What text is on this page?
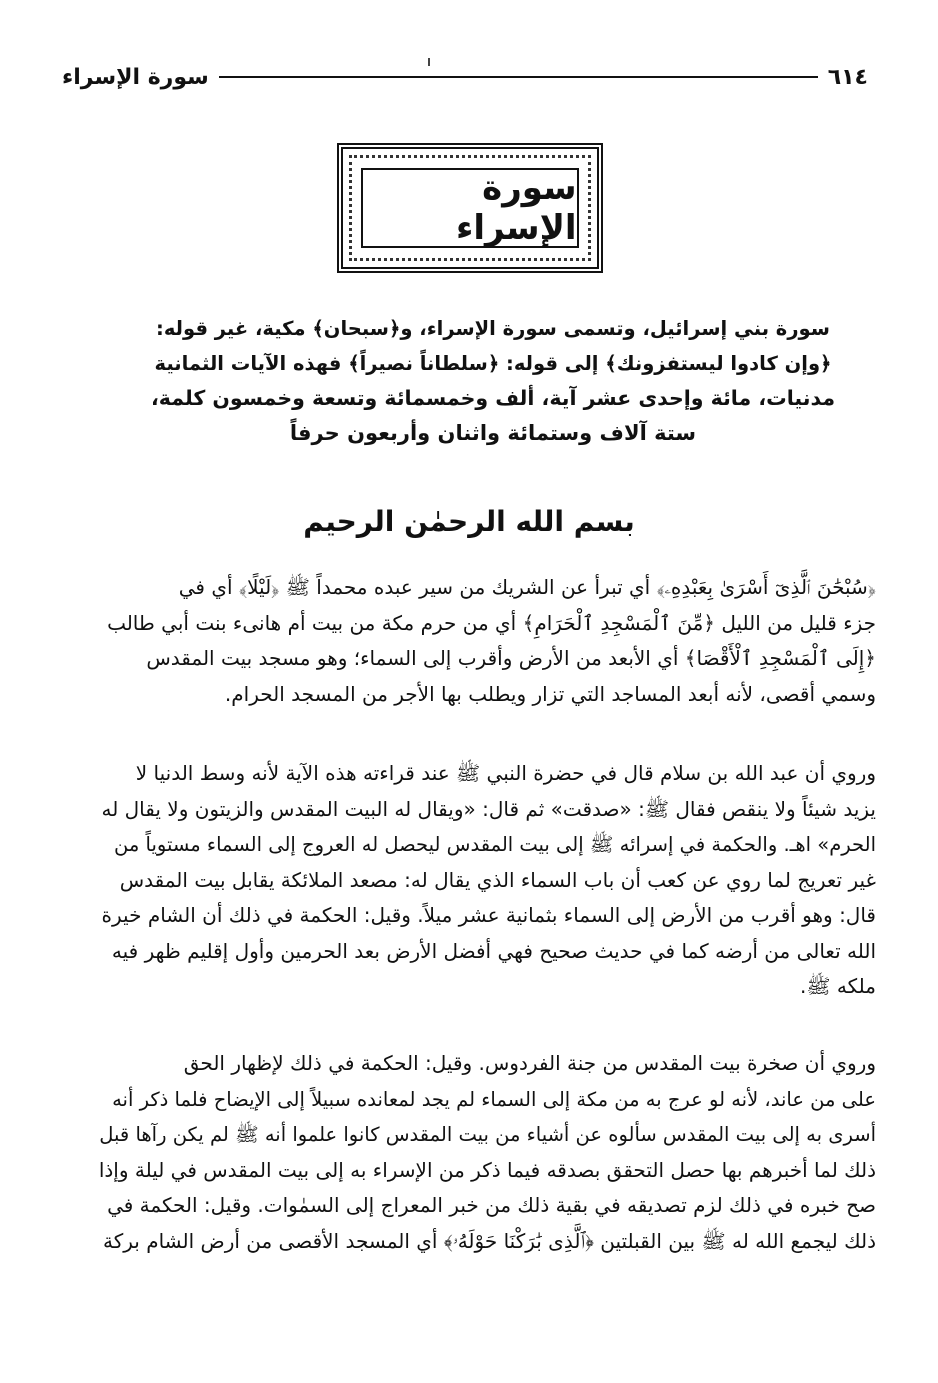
٦١٤
سورة الإسراء
سورة الإسراء

سورة بني إسرائيل، وتسمى سورة الإسراء، و﴿سبحان﴾ مكية، غير قوله:

﴿وإن كادوا ليستفزونك﴾ إلى قوله: ﴿سلطاناً نصيراً﴾ فهذه الآيات الثمانية

مدنيات، مائة وإحدى عشر آية، ألف وخمسمائة وتسعة وخمسون كلمة،

ستة آلاف وستمائة واثنان وأربعون حرفاً

بسم الله الرحمٰن الرحيم

﴿سُبْحَٰنَ ٱلَّذِىٓ أَسْرَىٰ بِعَبْدِهِۦ﴾ أي تبرأ عن الشريك من سير عبده محمداً ﷺ ﴿لَيْلًا﴾ أي في

جزء قليل من الليل ﴿مِّنَ ٱلْمَسْجِدِ ٱلْحَرَامِ﴾ أي من حرم مكة من بيت أم هانىء بنت أبي طالب

﴿إِلَى ٱلْمَسْجِدِ ٱلْأَقْصَا﴾ أي الأبعد من الأرض وأقرب إلى السماء؛ وهو مسجد بيت المقدس

وسمي أقصى، لأنه أبعد المساجد التي تزار ويطلب بها الأجر من المسجد الحرام.

وروي أن عبد الله بن سلام قال في حضرة النبي ﷺ عند قراءته هذه الآية لأنه وسط الدنيا لا

يزيد شيئاً ولا ينقص فقال ﷺ: «صدقت» ثم قال: «ويقال له البيت المقدس والزيتون ولا يقال له

الحرم» اهـ. والحكمة في إسرائه ﷺ إلى بيت المقدس ليحصل له العروج إلى السماء مستوياً من

غير تعريج لما روي عن كعب أن باب السماء الذي يقال له: مصعد الملائكة يقابل بيت المقدس

قال: وهو أقرب من الأرض إلى السماء بثمانية عشر ميلاً. وقيل: الحكمة في ذلك أن الشام خيرة

الله تعالى من أرضه كما في حديث صحيح فهي أفضل الأرض بعد الحرمين وأول إقليم ظهر فيه

ملكه ﷺ.

وروي أن صخرة بيت المقدس من جنة الفردوس. وقيل: الحكمة في ذلك لإظهار الحق

على من عاند، لأنه لو عرج به من مكة إلى السماء لم يجد لمعانده سبيلاً إلى الإيضاح فلما ذكر أنه

أسرى به إلى بيت المقدس سألوه عن أشياء من بيت المقدس كانوا علموا أنه ﷺ لم يكن رآها قبل

ذلك لما أخبرهم بها حصل التحقق بصدقه فيما ذكر من الإسراء به إلى بيت المقدس في ليلة وإذا

صح خبره في ذلك لزم تصديقه في بقية ذلك من خبر المعراج إلى السمٰوات. وقيل: الحكمة في

ذلك ليجمع الله له ﷺ بين القبلتين ﴿ٱلَّذِى بَٰرَكْنَا حَوْلَهُۥ﴾ أي المسجد الأقصى من أرض الشام بركة
